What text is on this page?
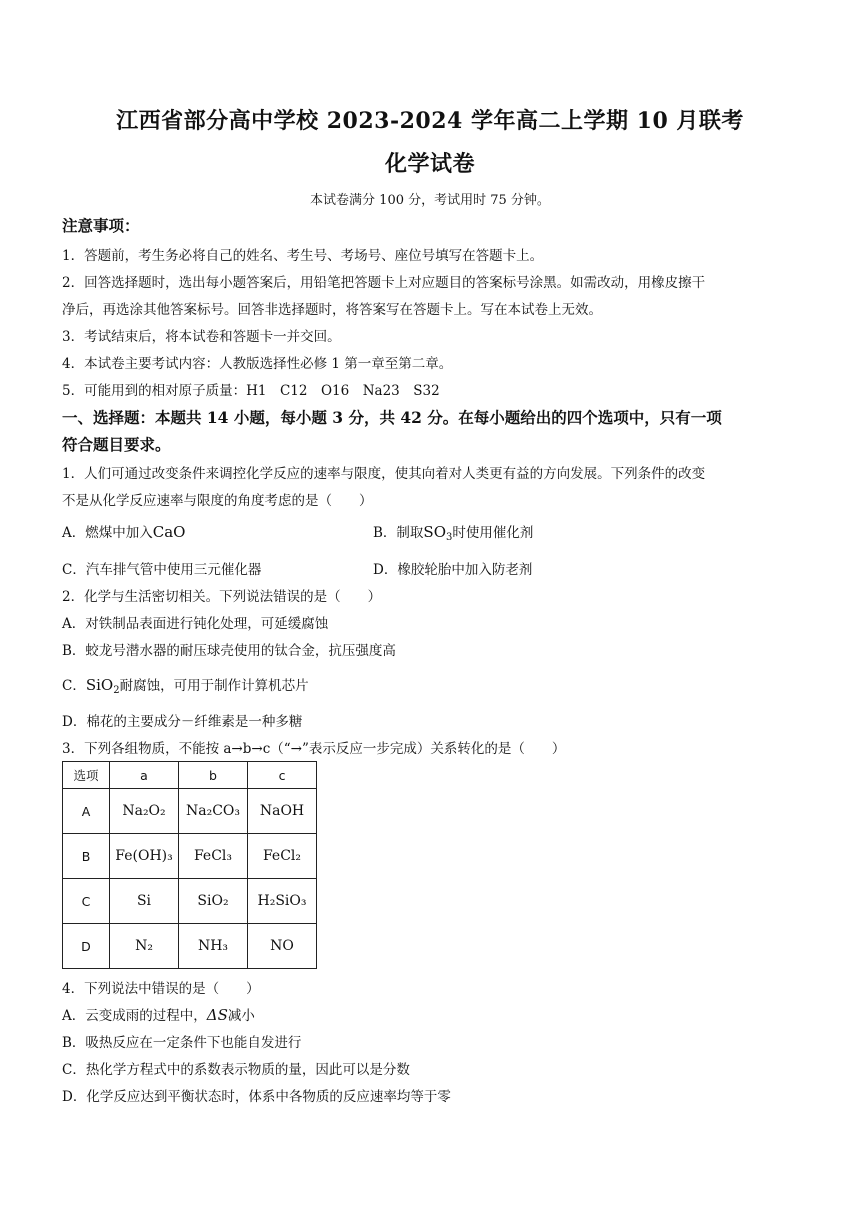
江西省部分高中学校 2023-2024 学年高二上学期 10 月联考
化学试卷
本试卷满分 100 分，考试用时 75 分钟。
注意事项：
1．答题前，考生务必将自己的姓名、考生号、考场号、座位号填写在答题卡上。
2．回答选择题时，选出每小题答案后，用铅笔把答题卡上对应题目的答案标号涂黑。如需改动，用橡皮擦干
净后，再选涂其他答案标号。回答非选择题时，将答案写在答题卡上。写在本试卷上无效。
3．考试结束后，将本试卷和答题卡一并交回。
4．本试卷主要考试内容：人教版选择性必修 1 第一章至第二章。
5．可能用到的相对原子质量：H1　C12　O16　Na23　S32
一、选择题：本题共 14 小题，每小题 3 分，共 42 分。在每小题给出的四个选项中，只有一项
符合题目要求。
1．人们可通过改变条件来调控化学反应的速率与限度，使其向着对人类更有益的方向发展。下列条件的改变
不是从化学反应速率与限度的角度考虑的是（　　）
A．燃煤中加入CaO	B．制取$SO_3$时使用催化剂
C．汽车排气管中使用三元催化器	D．橡胶轮胎中加入防老剂
2．化学与生活密切相关。下列说法错误的是（　　）
A．对铁制品表面进行钝化处理，可延缓腐蚀
B．蛟龙号潜水器的耐压球壳使用的钛合金，抗压强度高
C．SiO$_2$耐腐蚀，可用于制作计算机芯片
D．棉花的主要成分－纤维素是一种多糖
3．下列各组物质，不能按 a→b→c（“→”表示反应一步完成）关系转化的是（　　）
选项	a	b	c
A	Na₂O₂	Na₂CO₃	NaOH
B	Fe(OH)₃	FeCl₃	FeCl₂
C	Si	SiO₂	H₂SiO₃
D	N₂	NH₃	NO
4．下列说法中错误的是（　　）
A．云变成雨的过程中，ΔS减小
B．吸热反应在一定条件下也能自发进行
C．热化学方程式中的系数表示物质的量，因此可以是分数
D．化学反应达到平衡状态时，体系中各物质的反应速率均等于零
